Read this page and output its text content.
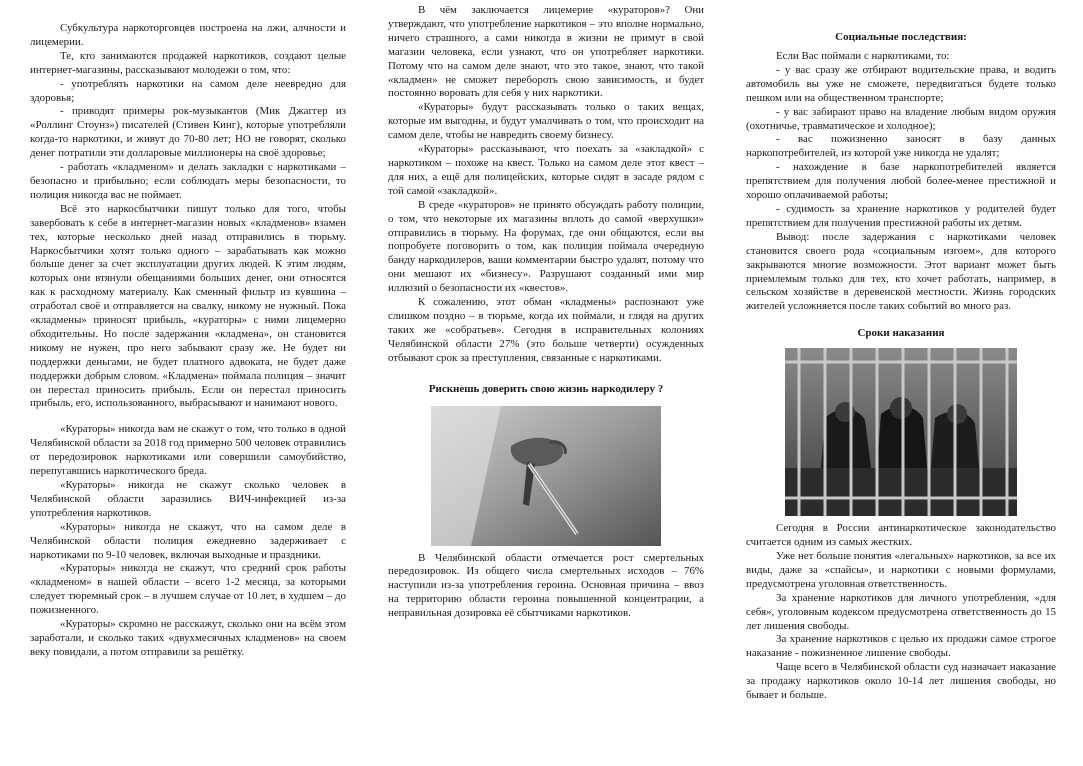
Субкультура наркоторговцев построена на лжи, алчности и лицемерии.

Те, кто занимаются продажей наркотиков, создают целые интернет-магазины, рассказывают молодежи о том, что:

- употреблять наркотики на самом деле неевредно для здоровья;

- приводят примеры рок-музыкантов (Мик Джаггер из «Роллинг Стоунз») писателей (Стивен Кинг), которые употребляли когда-то наркотики, и живут до 70-80 лет; НО не говорят, сколько денег потратили эти долларовые миллионеры на своё здоровье;

- работать «кладменом» и делать закладки с наркотиками – безопасно и прибыльно; если соблюдать меры безопасности, то полиция никогда вас не поймает.

Всё это наркосбытчики пишут только для того, чтобы завербовать к себе в интернет-магазин новых «кладменов» взамен тех, которые несколько дней назад отправились в тюрьму. Наркосбытчики хотят только одного – зарабатывать как можно больше денег за счет эксплуатации других людей. К этим людям, которых они втянули обещаниями больших денег, они относятся как к расходному материалу. Как сменный фильтр из кувшина – отработал своё и отправляется на свалку, никому не нужный. Пока «кладмены» приносят прибыль, «кураторы» с ними лицемерно обходительны. Но после задержания «кладмена», он становится никому не нужен, про него забывают сразу же. Не будет ни поддержки деньгами, не будет платного адвоката, не будет даже поддержки добрым словом. «Кладмена» поймала полиция – значит он перестал приносить прибыль. Если он перестал приносить прибыль, его, использованного, выбрасывают и нанимают нового.

«Кураторы» никогда вам не скажут о том, что только в одной Челябинской области за 2018 год примерно 500 человек отравились от передозировок наркотиками или совершили самоубийство, перепугавшись наркотического бреда.

«Кураторы» никогда не скажут сколько человек в Челябинской области заразились ВИЧ-инфекцией из-за употребления наркотиков.

«Кураторы» никогда не скажут, что на самом деле в Челябинской области полиция ежедневно задерживает с наркотиками по 9-10 человек, включая выходные и праздники.

«Кураторы» никогда не скажут, что средний срок работы «кладменом» в нашей области – всего 1-2 месяца, за которыми следует тюремный срок – в лучшем случае от 10 лет, в худшем – до пожизненного.

«Кураторы» скромно не расскажут, сколько они на всём этом заработали, и сколько таких «двухмесячных кладменов» на своем веку повидали, а потом отправили за решётку.

В чём заключается лицемерие «кураторов»? Они утверждают, что употребление наркотиков – это вполне нормально, ничего страшного, а сами никогда в жизни не примут в свой магазин человека, если узнают, что он употребляет наркотики. Потому что на самом деле знают, что это такое, знают, что такой «кладмен» не сможет перебороть свою зависимость, и будет постоянно воровать для себя у них наркотики.

«Кураторы» будут рассказывать только о таких вещах, которые им выгодны, и будут умалчивать о том, что происходит на самом деле, чтобы не навредить своему бизнесу.

«Кураторы» рассказывают, что поехать за «закладкой» с наркотиком – похоже на квест. Только на самом деле этот квест – для них, а ещё для полицейских, которые сидят в засаде рядом с той самой «закладкой».

В среде «кураторов» не принято обсуждать работу полиции, о том, что некоторые их магазины вплоть до самой «верхушки» отправились в тюрьму. На форумах, где они общаются, если вы попробуете поговорить о том, как полиция поймала очередную банду наркодилеров, ваши комментарии быстро удалят, потому что они мешают их «бизнесу». Разрушают созданный ими мир иллюзий о безопасности их «квестов».

К сожалению, этот обман «кладмены» распознают уже слишком поздно – в тюрьме, когда их поймали, и глядя на других таких же «собратьев». Сегодня в исправительных колониях Челябинской области 27% (это больше четверти) осужденных отбывают срок за преступления, связанные с наркотиками.

Рискнешь доверить свою жизнь наркодилеру ?

В Челябинской области отмечается рост смертельных передозировок. Из общего числа смертельных исходов – 76% наступили из-за употребления героина. Основная причина – ввоз на территорию области героина повышенной концентрации, а неправильная дозировка её сбытчиками наркотиков.

Социальные последствия:

Если Вас поймали с наркотиками, то:

- у вас сразу же отбирают водительские права, и водить автомобиль вы уже не сможете, передвигаться будете только пешком или на общественном транспорте;

- у вас забирают право на владение любым видом оружия (охотничье, травматическое и холодное);

- вас пожизненно заносят в базу данных наркопотребителей, из которой уже никогда не удалят;

- нахождение в базе наркопотребителей является препятствием для получения любой более-менее престижной и хорошо оплачиваемой работы;

- судимость за хранение наркотиков у родителей будет препятствием для получения престижной работы их детям.

Вывод: после задержания с наркотиками человек становится своего рода «социальным изгоем», для которого закрываются многие возможности. Этот вариант может быть приемлемым только для тех, кто хочет работать, например, в сельском хозяйстве в деревенской местности. Жизнь городских жителей усложняется после таких событий во много раз.

Сроки наказания

Сегодня в России антинаркотическое законодательство считается одним из самых жестких.

Уже нет больше понятия «легальных» наркотиков, за все их виды, даже за «спайсы», и наркотики с новыми формулами, предусмотрена уголовная ответственность.

За хранение наркотиков для личного употребления, «для себя», уголовным кодексом предусмотрена ответственность до 15 лет лишения свободы.

За хранение наркотиков с целью их продажи самое строгое наказание - пожизненное лишение свободы.

Чаще всего в Челябинской области суд назначает наказание за продажу наркотиков около 10-14 лет лишения свободы, но бывает и больше.
